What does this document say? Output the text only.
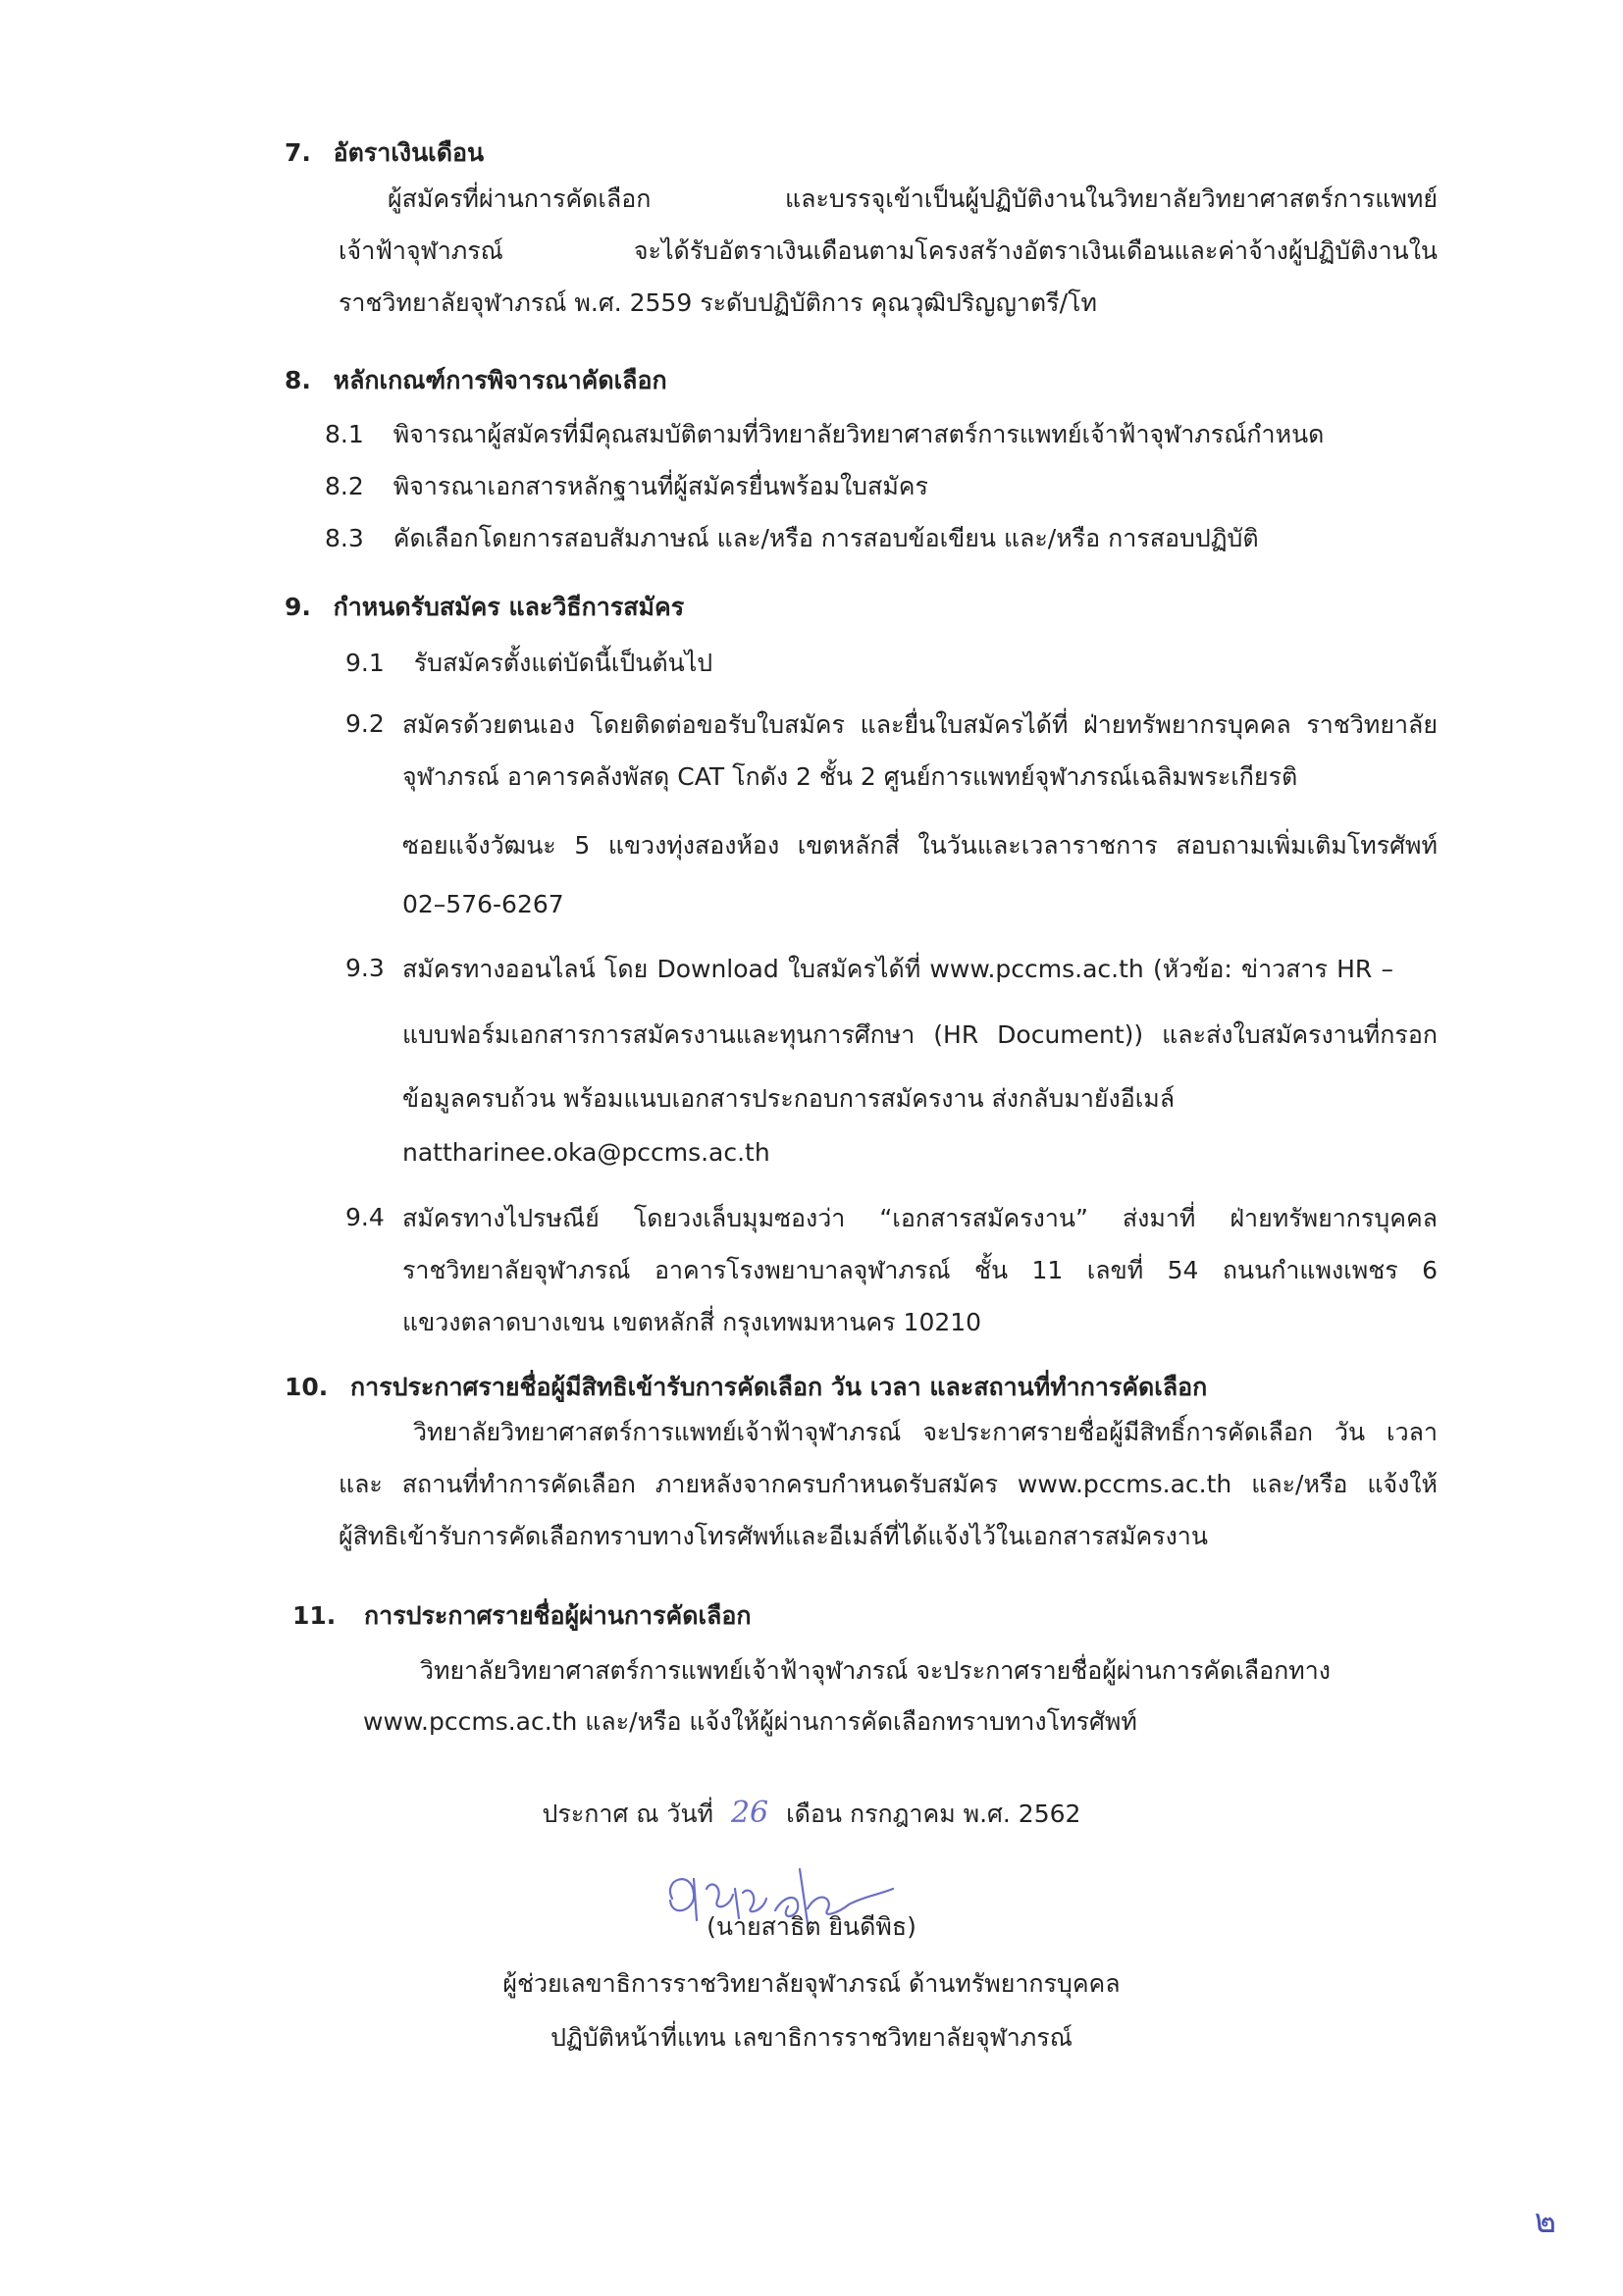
7. อัตราเงินเดือน
ผู้สมัครที่ผ่านการคัดเลือก และบรรจุเข้าเป็นผู้ปฏิบัติงานในวิทยาลัยวิทยาศาสตร์การแพทย์
เจ้าฟ้าจุฬาภรณ์ จะได้รับอัตราเงินเดือนตามโครงสร้างอัตราเงินเดือนและค่าจ้างผู้ปฏิบัติงานใน
ราชวิทยาลัยจุฬาภรณ์ พ.ศ. 2559 ระดับปฏิบัติการ คุณวุฒิปริญญาตรี/โท
8. หลักเกณฑ์การพิจารณาคัดเลือก
8.1 พิจารณาผู้สมัครที่มีคุณสมบัติตามที่วิทยาลัยวิทยาศาสตร์การแพทย์เจ้าฟ้าจุฬาภรณ์กำหนด
8.2 พิจารณาเอกสารหลักฐานที่ผู้สมัครยื่นพร้อมใบสมัคร
8.3 คัดเลือกโดยการสอบสัมภาษณ์ และ/หรือ การสอบข้อเขียน และ/หรือ การสอบปฏิบัติ
9. กำหนดรับสมัคร และวิธีการสมัคร
9.1 รับสมัครตั้งแต่บัดนี้เป็นต้นไป
9.2 สมัครด้วยตนเอง โดยติดต่อขอรับใบสมัคร และยื่นใบสมัครได้ที่ ฝ่ายทรัพยากรบุคคล ราชวิทยาลัย
จุฬาภรณ์ อาคารคลังพัสดุ CAT โกดัง 2 ชั้น 2 ศูนย์การแพทย์จุฬาภรณ์เฉลิมพระเกียรติ
ซอยแจ้งวัฒนะ 5 แขวงทุ่งสองห้อง เขตหลักสี่ ในวันและเวลาราชการ สอบถามเพิ่มเติมโทรศัพท์
02–576-6267
9.3 สมัครทางออนไลน์ โดย Download ใบสมัครได้ที่ www.pccms.ac.th (หัวข้อ: ข่าวสาร HR –
แบบฟอร์มเอกสารการสมัครงานและทุนการศึกษา (HR Document)) และส่งใบสมัครงานที่กรอก
ข้อมูลครบถ้วน พร้อมแนบเอกสารประกอบการสมัครงาน ส่งกลับมายังอีเมล์
nattharinee.oka@pccms.ac.th
9.4 สมัครทางไปรษณีย์ โดยวงเล็บมุมซองว่า “เอกสารสมัครงาน” ส่งมาที่ ฝ่ายทรัพยากรบุคคล
ราชวิทยาลัยจุฬาภรณ์ อาคารโรงพยาบาลจุฬาภรณ์ ชั้น 11 เลขที่ 54 ถนนกำแพงเพชร 6
แขวงตลาดบางเขน เขตหลักสี่ กรุงเทพมหานคร 10210
10. การประกาศรายชื่อผู้มีสิทธิเข้ารับการคัดเลือก วัน เวลา และสถานที่ทำการคัดเลือก
วิทยาลัยวิทยาศาสตร์การแพทย์เจ้าฟ้าจุฬาภรณ์ จะประกาศรายชื่อผู้มีสิทธิ์การคัดเลือก วัน เวลา
และ สถานที่ทำการคัดเลือก ภายหลังจากครบกำหนดรับสมัคร www.pccms.ac.th และ/หรือ แจ้งให้
ผู้สิทธิเข้ารับการคัดเลือกทราบทางโทรศัพท์และอีเมล์ที่ได้แจ้งไว้ในเอกสารสมัครงาน
11. การประกาศรายชื่อผู้ผ่านการคัดเลือก
วิทยาลัยวิทยาศาสตร์การแพทย์เจ้าฟ้าจุฬาภรณ์ จะประกาศรายชื่อผู้ผ่านการคัดเลือกทาง
www.pccms.ac.th และ/หรือ แจ้งให้ผู้ผ่านการคัดเลือกทราบทางโทรศัพท์
ประกาศ ณ วันที่ 26 เดือน กรกฎาคม พ.ศ. 2562
(นายสาธิต ยินดีพิธ)
ผู้ช่วยเลขาธิการราชวิทยาลัยจุฬาภรณ์ ด้านทรัพยากรบุคคล
ปฏิบัติหน้าที่แทน เลขาธิการราชวิทยาลัยจุฬาภรณ์
๒
